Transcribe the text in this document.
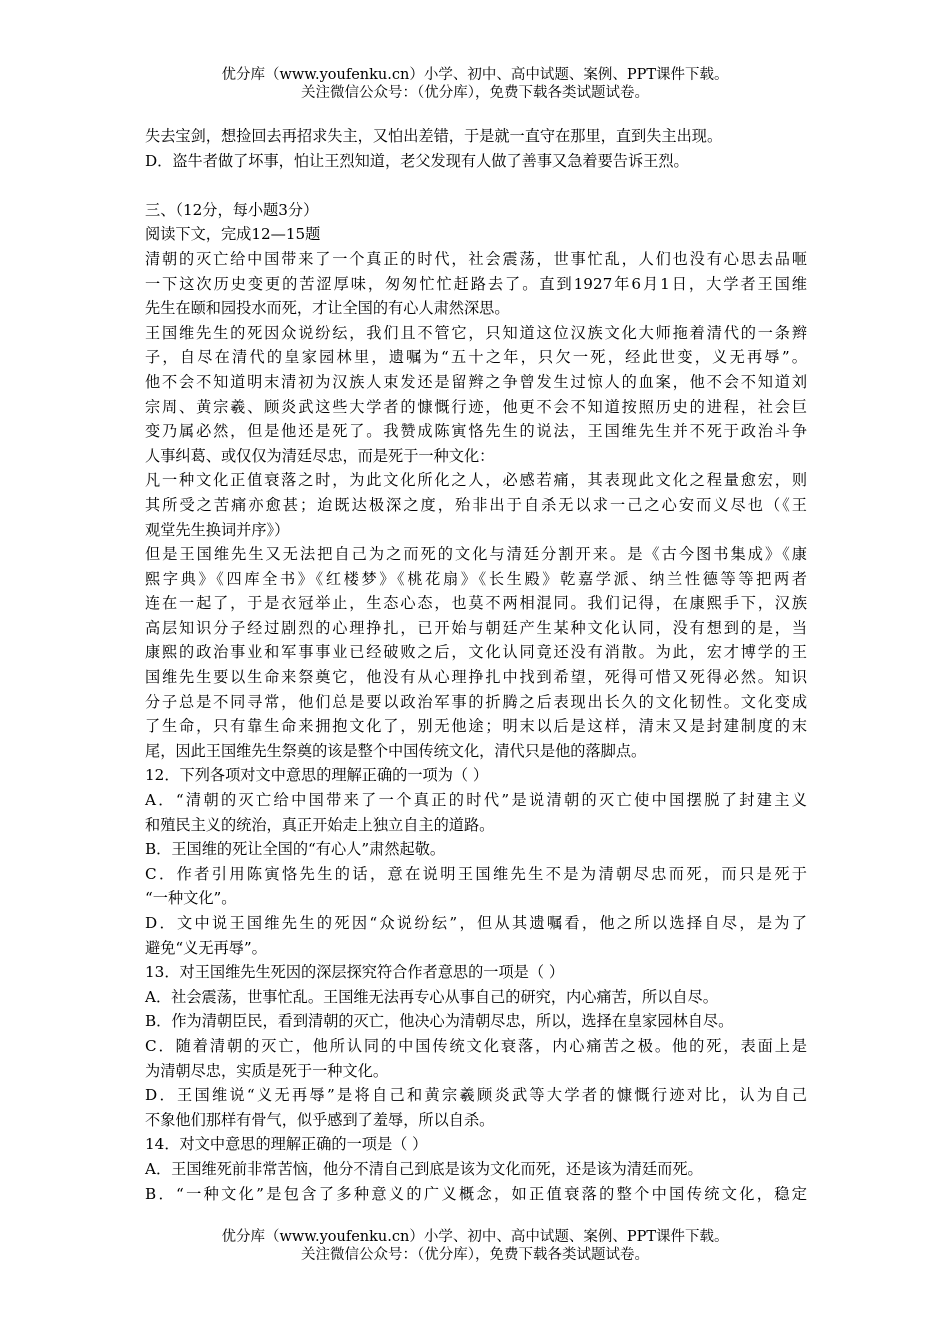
优分库（www.youfenku.cn）小学、初中、高中试题、案例、PPT课件下载。
关注微信公众号：（优分库），免费下载各类试题试卷。
失去宝剑，想捡回去再招求失主，又怕出差错，于是就一直守在那里，直到失主出现。
D．盗牛者做了坏事，怕让王烈知道，老父发现有人做了善事又急着要告诉王烈。
三、（12分，每小题3分）
阅读下文，完成12—15题
清朝的灭亡给中国带来了一个真正的时代，社会震荡，世事忙乱，人们也没有心思去品咂
一下这次历史变更的苦涩厚味，匆匆忙忙赶路去了。直到1927年6月1日，大学者王国维
先生在颐和园投水而死，才让全国的有心人肃然深思。
王国维先生的死因众说纷纭，我们且不管它，只知道这位汉族文化大师拖着清代的一条辫
子，自尽在清代的皇家园林里，遗嘱为“五十之年，只欠一死，经此世变，义无再辱”。
他不会不知道明末清初为汉族人束发还是留辫之争曾发生过惊人的血案，他不会不知道刘
宗周、黄宗羲、顾炎武这些大学者的慷慨行迹，他更不会不知道按照历史的进程，社会巨
变乃属必然，但是他还是死了。我赞成陈寅恪先生的说法，王国维先生并不死于政治斗争
人事纠葛、或仅仅为清廷尽忠，而是死于一种文化：
凡一种文化正值衰落之时，为此文化所化之人，必感若痛，其表现此文化之程量愈宏，则
其所受之苦痛亦愈甚；迨既达极深之度，殆非出于自杀无以求一己之心安而义尽也（《王
观堂先生换词并序》）
但是王国维先生又无法把自己为之而死的文化与清廷分割开来。是《古今图书集成》《康
熙字典》《四库全书》《红楼梦》《桃花扇》《长生殿》乾嘉学派、纳兰性德等等把两者
连在一起了，于是衣冠举止，生态心态，也莫不两相混同。我们记得，在康熙手下，汉族
高层知识分子经过剧烈的心理挣扎，已开始与朝廷产生某种文化认同，没有想到的是，当
康熙的政治事业和军事事业已经破败之后，文化认同竟还没有消散。为此，宏才博学的王
国维先生要以生命来祭奠它，他没有从心理挣扎中找到希望，死得可惜又死得必然。知识
分子总是不同寻常，他们总是要以政治军事的折腾之后表现出长久的文化韧性。文化变成
了生命，只有靠生命来拥抱文化了，别无他途；明末以后是这样，清末又是封建制度的末
尾，因此王国维先生祭奠的该是整个中国传统文化，清代只是他的落脚点。
12．下列各项对文中意思的理解正确的一项为（ ）
A．“清朝的灭亡给中国带来了一个真正的时代”是说清朝的灭亡使中国摆脱了封建主义
和殖民主义的统治，真正开始走上独立自主的道路。
B．王国维的死让全国的“有心人”肃然起敬。
C．作者引用陈寅恪先生的话，意在说明王国维先生不是为清朝尽忠而死，而只是死于
“一种文化”。
D．文中说王国维先生的死因“众说纷纭”，但从其遗嘱看，他之所以选择自尽，是为了
避免“义无再辱”。
13．对王国维先生死因的深层探究符合作者意思的一项是（ ）
A．社会震荡，世事忙乱。王国维无法再专心从事自己的研究，内心痛苦，所以自尽。
B．作为清朝臣民，看到清朝的灭亡，他决心为清朝尽忠，所以，选择在皇家园林自尽。
C．随着清朝的灭亡，他所认同的中国传统文化衰落，内心痛苦之极。他的死，表面上是
为清朝尽忠，实质是死于一种文化。
D．王国维说“义无再辱”是将自己和黄宗羲顾炎武等大学者的慷慨行迹对比，认为自己
不象他们那样有骨气，似乎感到了羞辱，所以自杀。
14．对文中意思的理解正确的一项是（ ）
A．王国维死前非常苦恼，他分不清自己到底是该为文化而死，还是该为清廷而死。
B．“一种文化”是包含了多种意义的广义概念，如正值衰落的整个中国传统文化，稳定
优分库（www.youfenku.cn）小学、初中、高中试题、案例、PPT课件下载。
关注微信公众号：（优分库），免费下载各类试题试卷。
